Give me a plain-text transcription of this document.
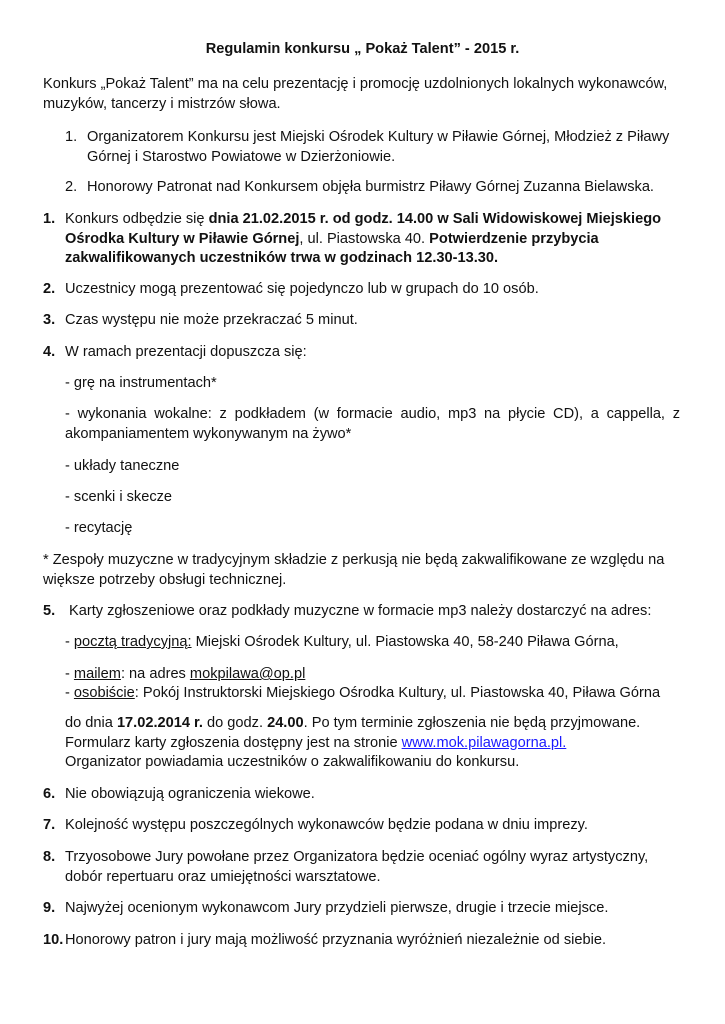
Regulamin konkursu „ Pokaż Talent” - 2015 r.
Konkurs „Pokaż Talent” ma na celu prezentację i promocję uzdolnionych lokalnych wykonawców, muzyków, tancerzy i mistrzów słowa.
1. Organizatorem Konkursu jest Miejski Ośrodek Kultury w Piławie Górnej, Młodzież z Piławy Górnej i Starostwo Powiatowe w Dzierżoniowie.
2. Honorowy Patronat nad Konkursem objęła burmistrz Piławy Górnej Zuzanna Bielawska.
1. Konkurs odbędzie się dnia 21.02.2015 r. od godz. 14.00 w Sali Widowiskowej Miejskiego Ośrodka Kultury w Piławie Górnej, ul. Piastowska 40. Potwierdzenie przybycia zakwalifikowanych uczestników trwa w godzinach 12.30-13.30.
2. Uczestnicy mogą prezentować się pojedynczo lub w grupach do 10 osób.
3. Czas występu nie może przekraczać 5 minut.
4. W ramach prezentacji dopuszcza się:
- grę na instrumentach*
- wykonania wokalne: z podkładem (w formacie audio, mp3 na płycie CD), a cappella, z akompaniamentem wykonywanym na żywo*
- układy taneczne
- scenki i skecze
- recytację
* Zespoły muzyczne w tradycyjnym składzie z perkusją nie będą zakwalifikowane ze względu na większe potrzeby obsługi technicznej.
5. Karty zgłoszeniowe oraz podkłady muzyczne w formacie mp3 należy dostarczyć na adres:
- pocztą tradycyjną: Miejski Ośrodek Kultury, ul. Piastowska 40, 58-240 Piława Górna,
- mailem: na adres mokpilawa@op.pl
- osobiście: Pokój Instruktorski Miejskiego Ośrodka Kultury, ul. Piastowska 40, Piława Górna
do dnia 17.02.2014 r. do godz. 24.00. Po tym terminie zgłoszenia nie będą przyjmowane.
Formularz karty zgłoszenia dostępny jest na stronie www.mok.pilawagorna.pl.
Organizator powiadamia uczestników o zakwalifikowaniu do konkursu.
6. Nie obowiązują ograniczenia wiekowe.
7. Kolejność występu poszczególnych wykonawców będzie podana w dniu imprezy.
8. Trzyosobowe Jury powołane przez Organizatora będzie oceniać ogólny wyraz artystyczny, dobór repertuaru oraz umiejętności warsztatowe.
9. Najwyżej ocenionym wykonawcom Jury przydzieli pierwsze, drugie i trzecie miejsce.
10. Honorowy patron i jury mają możliwość przyznania wyróżnień niezależnie od siebie.
